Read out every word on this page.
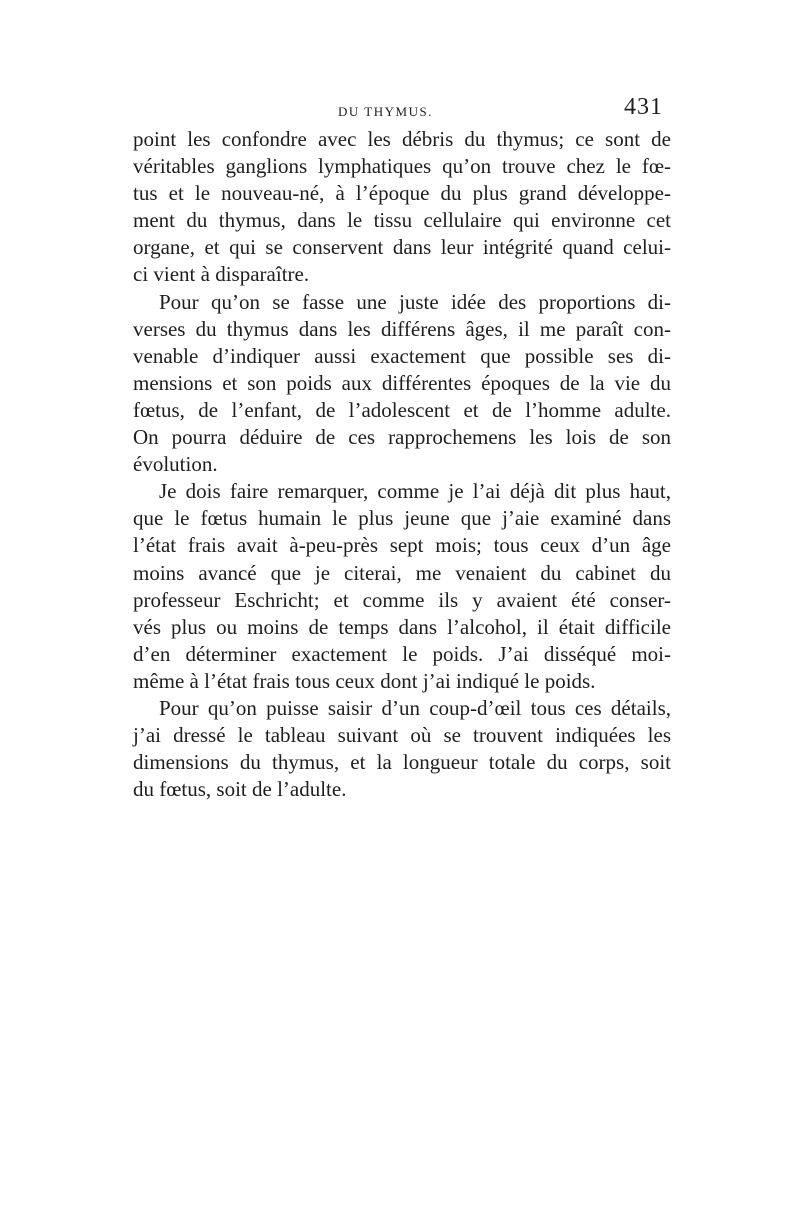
DU THYMUS.	431
point les confondre avec les débris du thymus; ce sont de
véritables ganglions lymphatiques qu’on trouve chez le fœ-
tus et le nouveau-né, à l’époque du plus grand développe-
ment du thymus, dans le tissu cellulaire qui environne cet
organe, et qui se conservent dans leur intégrité quand celui-
ci vient à disparaître.
Pour qu’on se fasse une juste idée des proportions di-
verses du thymus dans les différens âges, il me paraît con-
venable d’indiquer aussi exactement que possible ses di-
mensions et son poids aux différentes époques de la vie du
fœtus, de l’enfant, de l’adolescent et de l’homme adulte.
On pourra déduire de ces rapprochemens les lois de son
évolution.
Je dois faire remarquer, comme je l’ai déjà dit plus haut,
que le fœtus humain le plus jeune que j’aie examiné dans
l’état frais avait à-peu-près sept mois; tous ceux d’un âge
moins avancé que je citerai, me venaient du cabinet du
professeur Eschricht; et comme ils y avaient été conser-
vés plus ou moins de temps dans l’alcohol, il était difficile
d’en déterminer exactement le poids. J’ai disséqué moi-
même à l’état frais tous ceux dont j’ai indiqué le poids.
Pour qu’on puisse saisir d’un coup-d’œil tous ces détails,
j’ai dressé le tableau suivant où se trouvent indiquées les
dimensions du thymus, et la longueur totale du corps, soit
du fœtus, soit de l’adulte.
